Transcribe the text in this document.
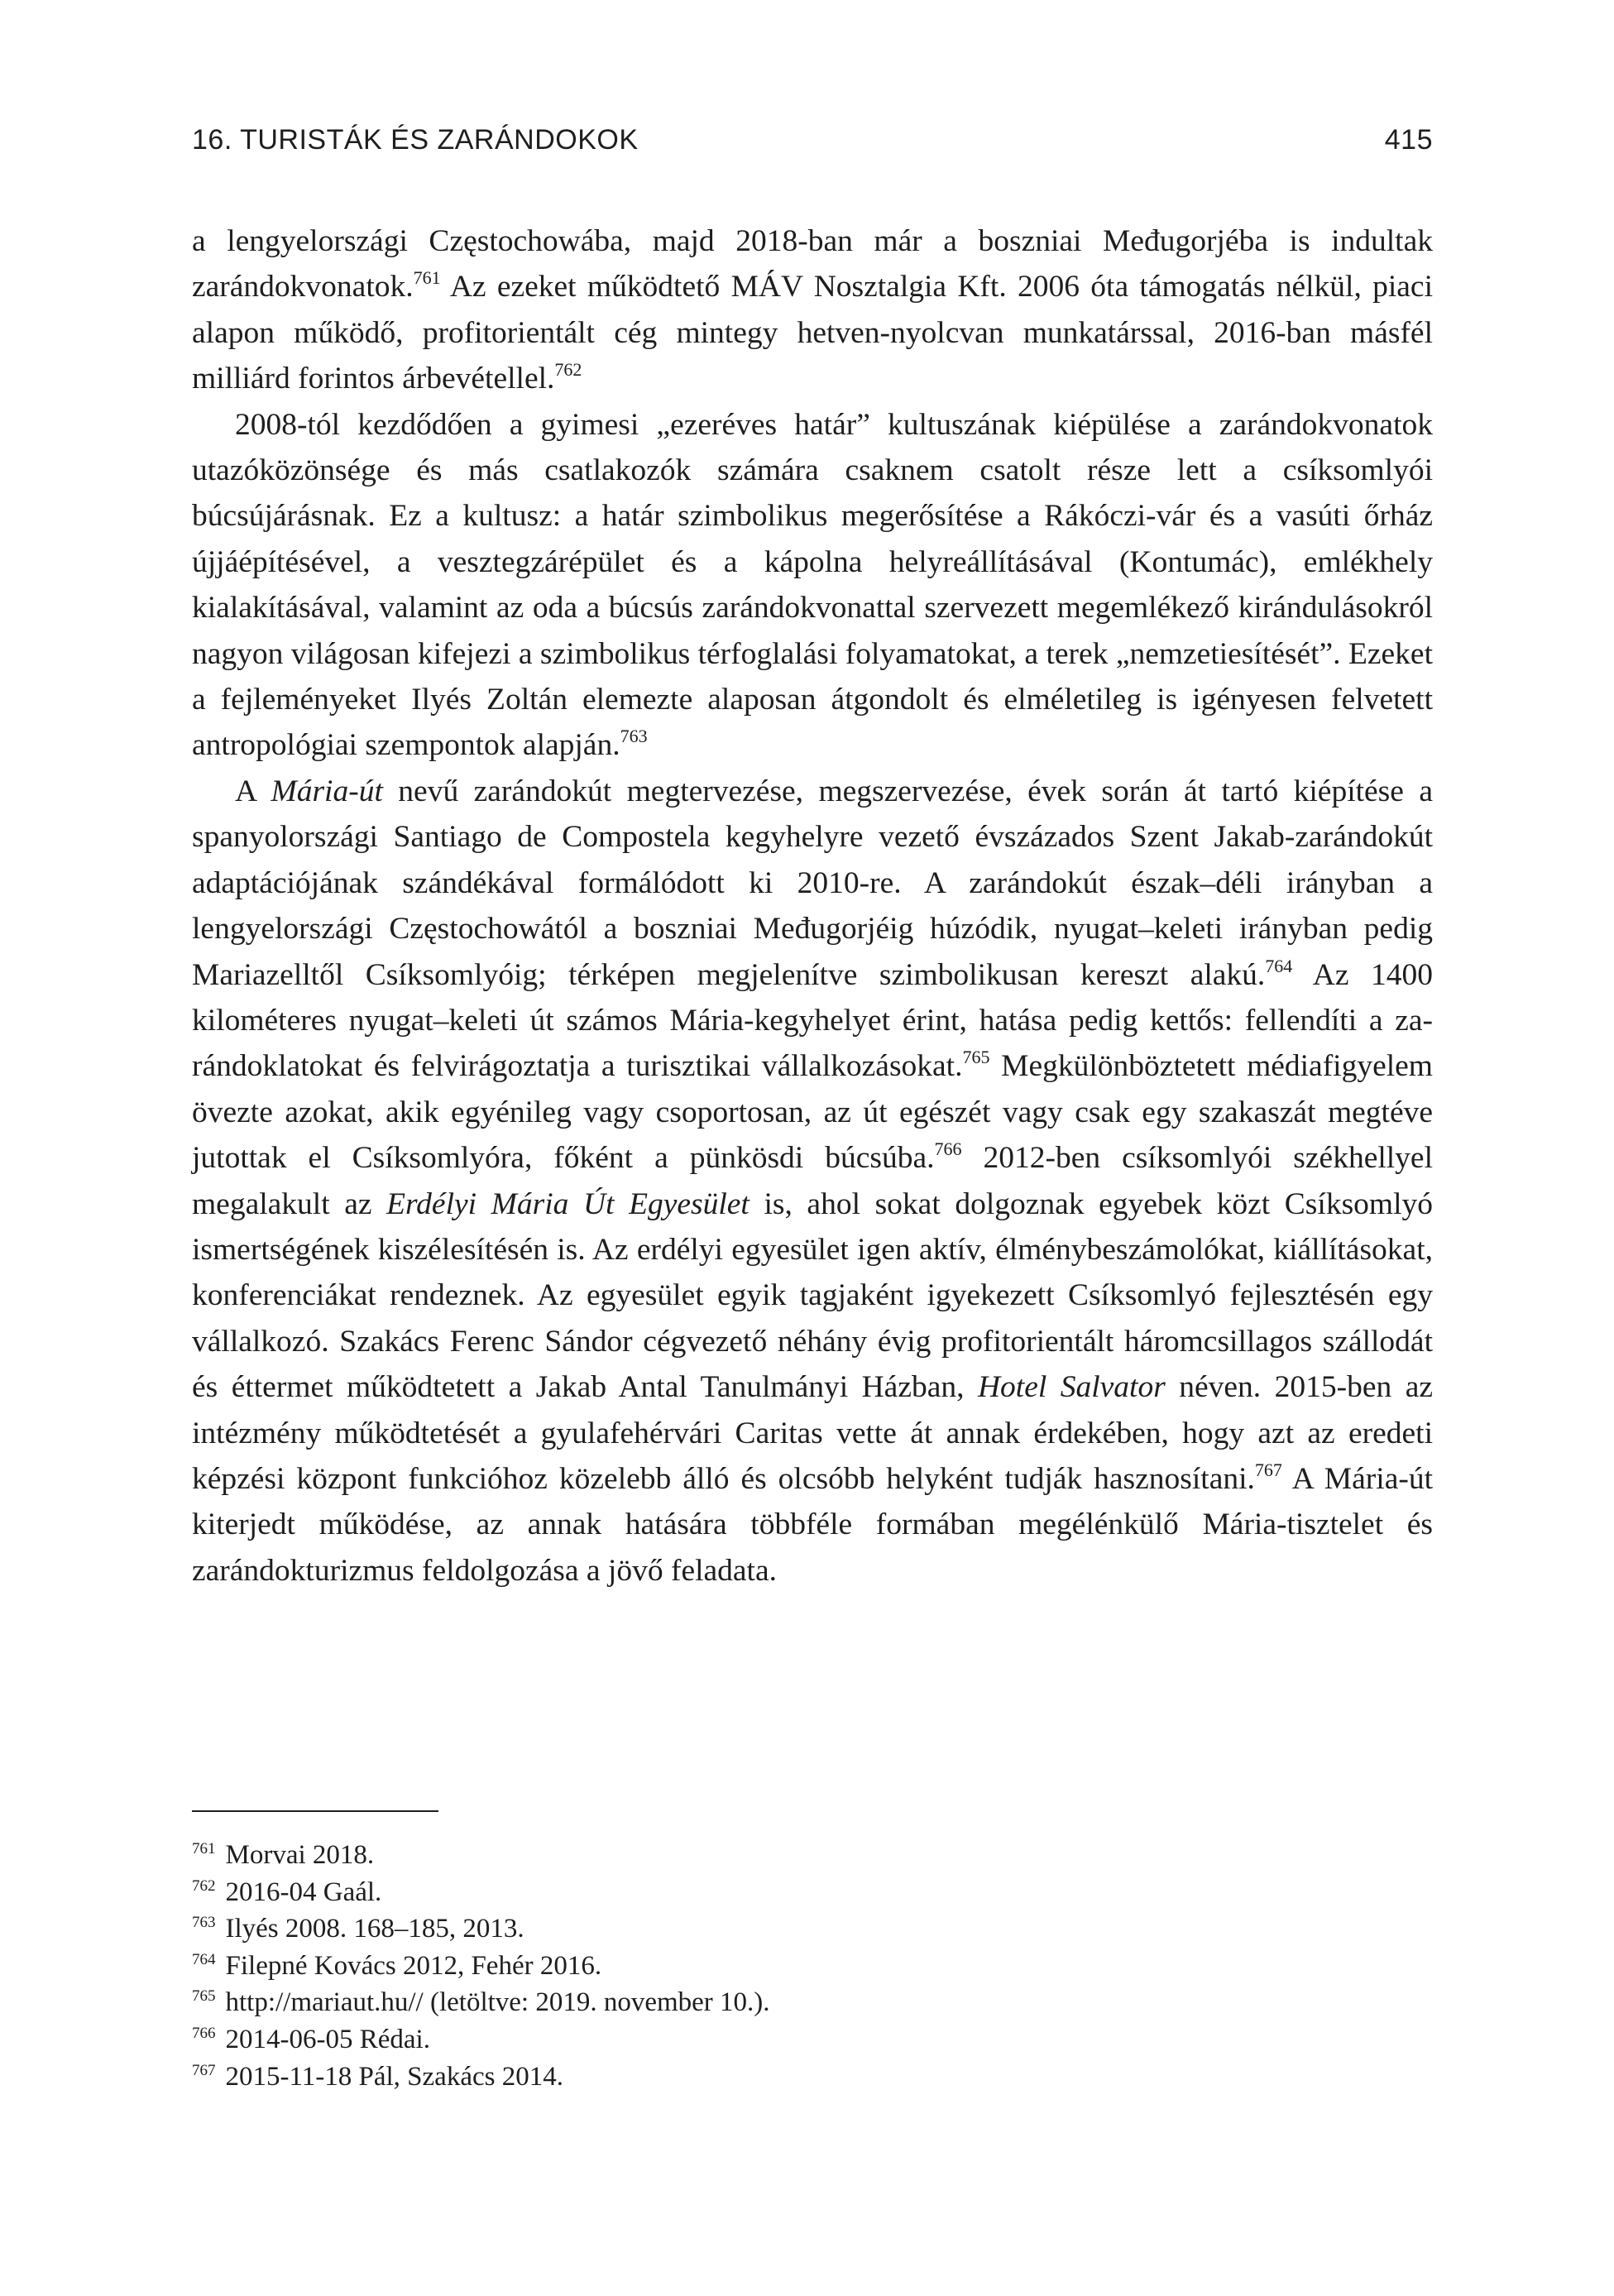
16. TURISTÁK ÉS ZARÁNDOKOK	415

a lengyelországi Częstochowába, majd 2018-ban már a boszniai Međugorjéba is indultak zarándokvonatok.$^{761}$ Az ezeket működtető MÁV Nosztalgia Kft. 2006 óta támogatás nélkül, piaci alapon működő, profitorientált cég mintegy hetven-nyolcvan munkatárssal, 2016-ban másfél milliárd forintos árbevétellel.$^{762}$

2008-tól kezdődően a gyimesi „ezeréves határ” kultuszának kiépülése a zarándokvonatok utazóközönsége és más csatlakozók számára csaknem csatolt része lett a csíksomlyói búcsújárásnak. Ez a kultusz: a határ szimbolikus megerősítése a Rákóczi-vár és a vasúti őrház újjáépítésével, a vesztegzárépület és a kápolna helyreállításával (Kontumác), emlékhely kialakításával, valamint az oda a búcsús zarándokvonattal szervezett megemlékező kirándulásokról nagyon világosan kifejezi a szimbolikus térfoglalási folyamatokat, a terek „nemzetiesítését”. Ezeket a fejleményeket Ilyés Zoltán elemezte alaposan átgondolt és elméletileg is igényesen felvetett antropológiai szempontok alapján.$^{763}$

A Mária-út nevű zarándokút megtervezése, megszervezése, évek során át tartó kiépítése a spanyolországi Santiago de Compostela kegyhelyre vezető évszázados Szent Jakab-zarándokút adaptációjának szándékával formálódott ki 2010-re. A zarándokút észak–déli irányban a lengyelországi Częstochowától a boszniai Međugorjéig húzódik, nyugat–keleti irányban pedig Mariazelltől Csíksomlyóig; térképen megjelenítve szimbolikusan kereszt alakú.$^{764}$ Az 1400 kilométeres nyugat–keleti út számos Mária-kegyhelyet érint, hatása pedig kettős: fellendíti a zarándoklatokat és felvirágoztatja a turisztikai vállalkozásokat.$^{765}$ Megkülönböztetett médiafigyelem övezte azokat, akik egyénileg vagy csoportosan, az út egészét vagy csak egy szakaszát megtéve jutottak el Csíksomlyóra, főként a pünkösdi búcsúba.$^{766}$ 2012-ben csíksomlyói székhellyel megalakult az Erdélyi Mária Út Egyesület is, ahol sokat dolgoznak egyebek közt Csíksomlyó ismertségének kiszélesítésén is. Az erdélyi egyesület igen aktív, élménybeszámolókat, kiállításokat, konferenciákat rendeznek. Az egyesület egyik tagjaként igyekezett Csíksomlyó fejlesztésén egy vállalkozó. Szakács Ferenc Sándor cégvezető néhány évig profitorientált háromcsillagos szállodát és éttermet működtetett a Jakab Antal Tanulmányi Házban, Hotel Salvator néven. 2015-ben az intézmény működtetését a gyulafehérvári Caritas vette át annak érdekében, hogy azt az eredeti képzési központ funkcióhoz közelebb álló és olcsóbb helyként tudják hasznosítani.$^{767}$ A Mária-út kiterjedt működése, az annak hatására többféle formában megélénkülő Mária-tisztelet és zarándokturizmus feldolgozása a jövő feladata.

$^{761}$ Morvai 2018.
$^{762}$ 2016-04 Gaál.
$^{763}$ Ilyés 2008. 168–185, 2013.
$^{764}$ Filepné Kovács 2012, Fehér 2016.
$^{765}$ http://mariaut.hu// (letöltve: 2019. november 10.).
$^{766}$ 2014-06-05 Rédai.
$^{767}$ 2015-11-18 Pál, Szakács 2014.
